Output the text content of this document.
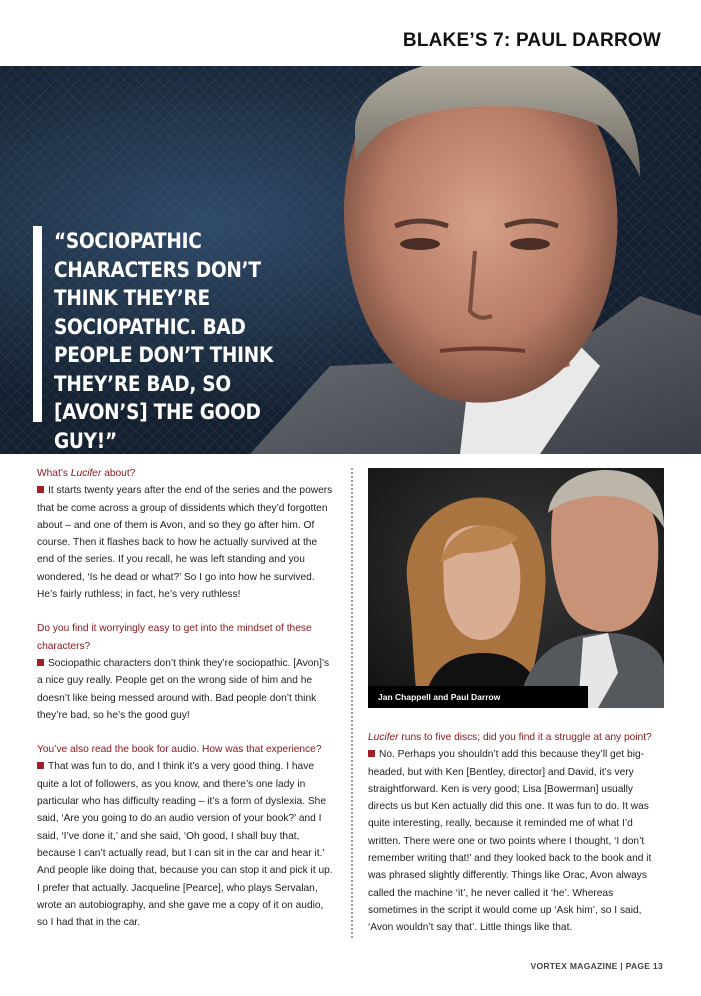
BLAKE’S 7: PAUL DARROW
“SOCIOPATHIC CHARACTERS DON’T THINK THEY’RE SOCIOPATHIC. BAD PEOPLE DON’T THINK THEY’RE BAD, SO [AVON’S] THE GOOD GUY!”
What’s Lucifer about?
It starts twenty years after the end of the series and the powers that be come across a group of dissidents which they’d forgotten about – and one of them is Avon, and so they go after him. Of course. Then it flashes back to how he actually survived at the end of the series. If you recall, he was left standing and you wondered, ‘Is he dead or what?’ So I go into how he survived. He’s fairly ruthless; in fact, he’s very ruthless!
Do you find it worryingly easy to get into the mindset of these characters?
Sociopathic characters don’t think they’re sociopathic. [Avon]’s a nice guy really. People get on the wrong side of him and he doesn’t like being messed around with. Bad people don’t think they’re bad, so he’s the good guy!
You’ve also read the book for audio. How was that experience?
That was fun to do, and I think it’s a very good thing. I have quite a lot of followers, as you know, and there’s one lady in particular who has difficulty reading – it’s a form of dyslexia. She said, ‘Are you going to do an audio version of your book?’ and I said, ‘I’ve done it,’ and she said, ‘Oh good, I shall buy that, because I can’t actually read, but I can sit in the car and hear it.’ And people like doing that, because you can stop it and pick it up. I prefer that actually. Jacqueline [Pearce], who plays Servalan, wrote an autobiography, and she gave me a copy of it on audio, so I had that in the car.
Jan Chappell and Paul Darrow
Lucifer runs to five discs; did you find it a struggle at any point?
No. Perhaps you shouldn’t add this because they’ll get big-headed, but with Ken [Bentley, director] and David, it’s very straightforward. Ken is very good; Lisa [Bowerman] usually directs us but Ken actually did this one. It was fun to do. It was quite interesting, really, because it reminded me of what I’d written. There were one or two points where I thought, ‘I don’t remember writing that!’ and they looked back to the book and it was phrased slightly differently. Things like Orac, Avon always called the machine ‘it’, he never called it ‘he’. Whereas sometimes in the script it would come up ‘Ask him’, so I said, ‘Avon wouldn’t say that’. Little things like that.
VORTEX MAGAZINE | PAGE 13
